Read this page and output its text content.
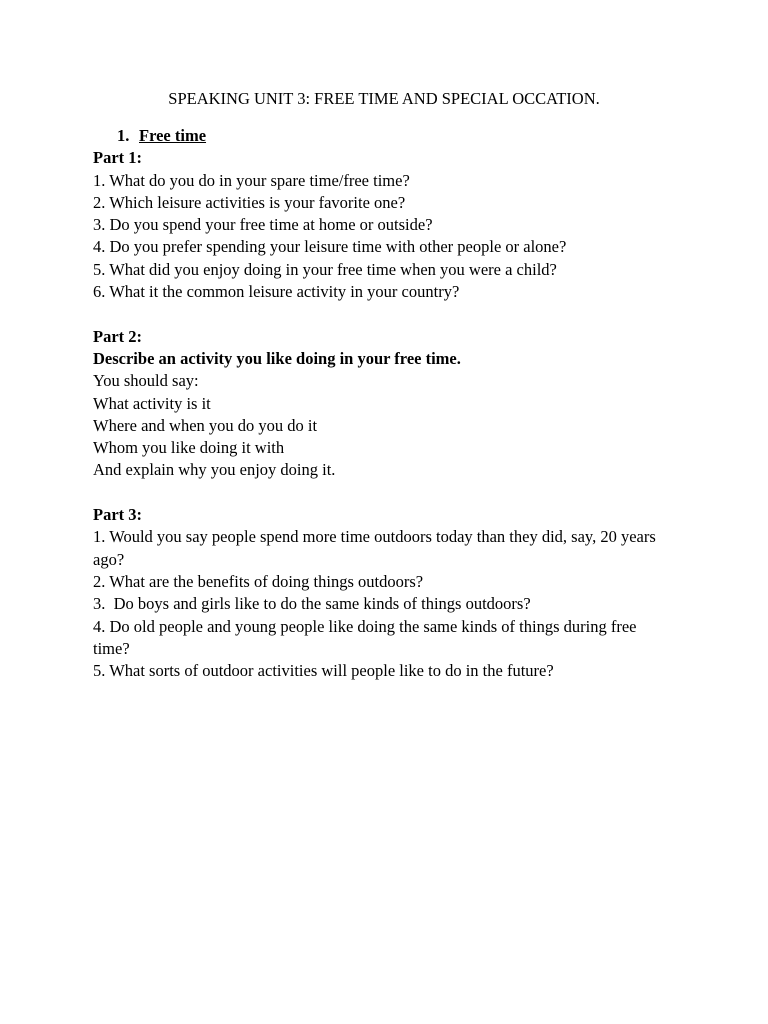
SPEAKING UNIT 3: FREE TIME AND SPECIAL OCCATION.

1. Free time

Part 1:

1. What do you do in your spare time/free time?

2. Which leisure activities is your favorite one?

3. Do you spend your free time at home or outside?

4. Do you prefer spending your leisure time with other people or alone?

5. What did you enjoy doing in your free time when you were a child?

6. What it the common leisure activity in your country?

Part 2:

Describe an activity you like doing in your free time.

You should say:

What activity is it

Where and when you do you do it

Whom you like doing it with

And explain why you enjoy doing it.

Part 3:

1. Would you say people spend more time outdoors today than they did, say, 20 years ago?

2. What are the benefits of doing things outdoors?

3.  Do boys and girls like to do the same kinds of things outdoors?

4. Do old people and young people like doing the same kinds of things during free time?

5. What sorts of outdoor activities will people like to do in the future?
